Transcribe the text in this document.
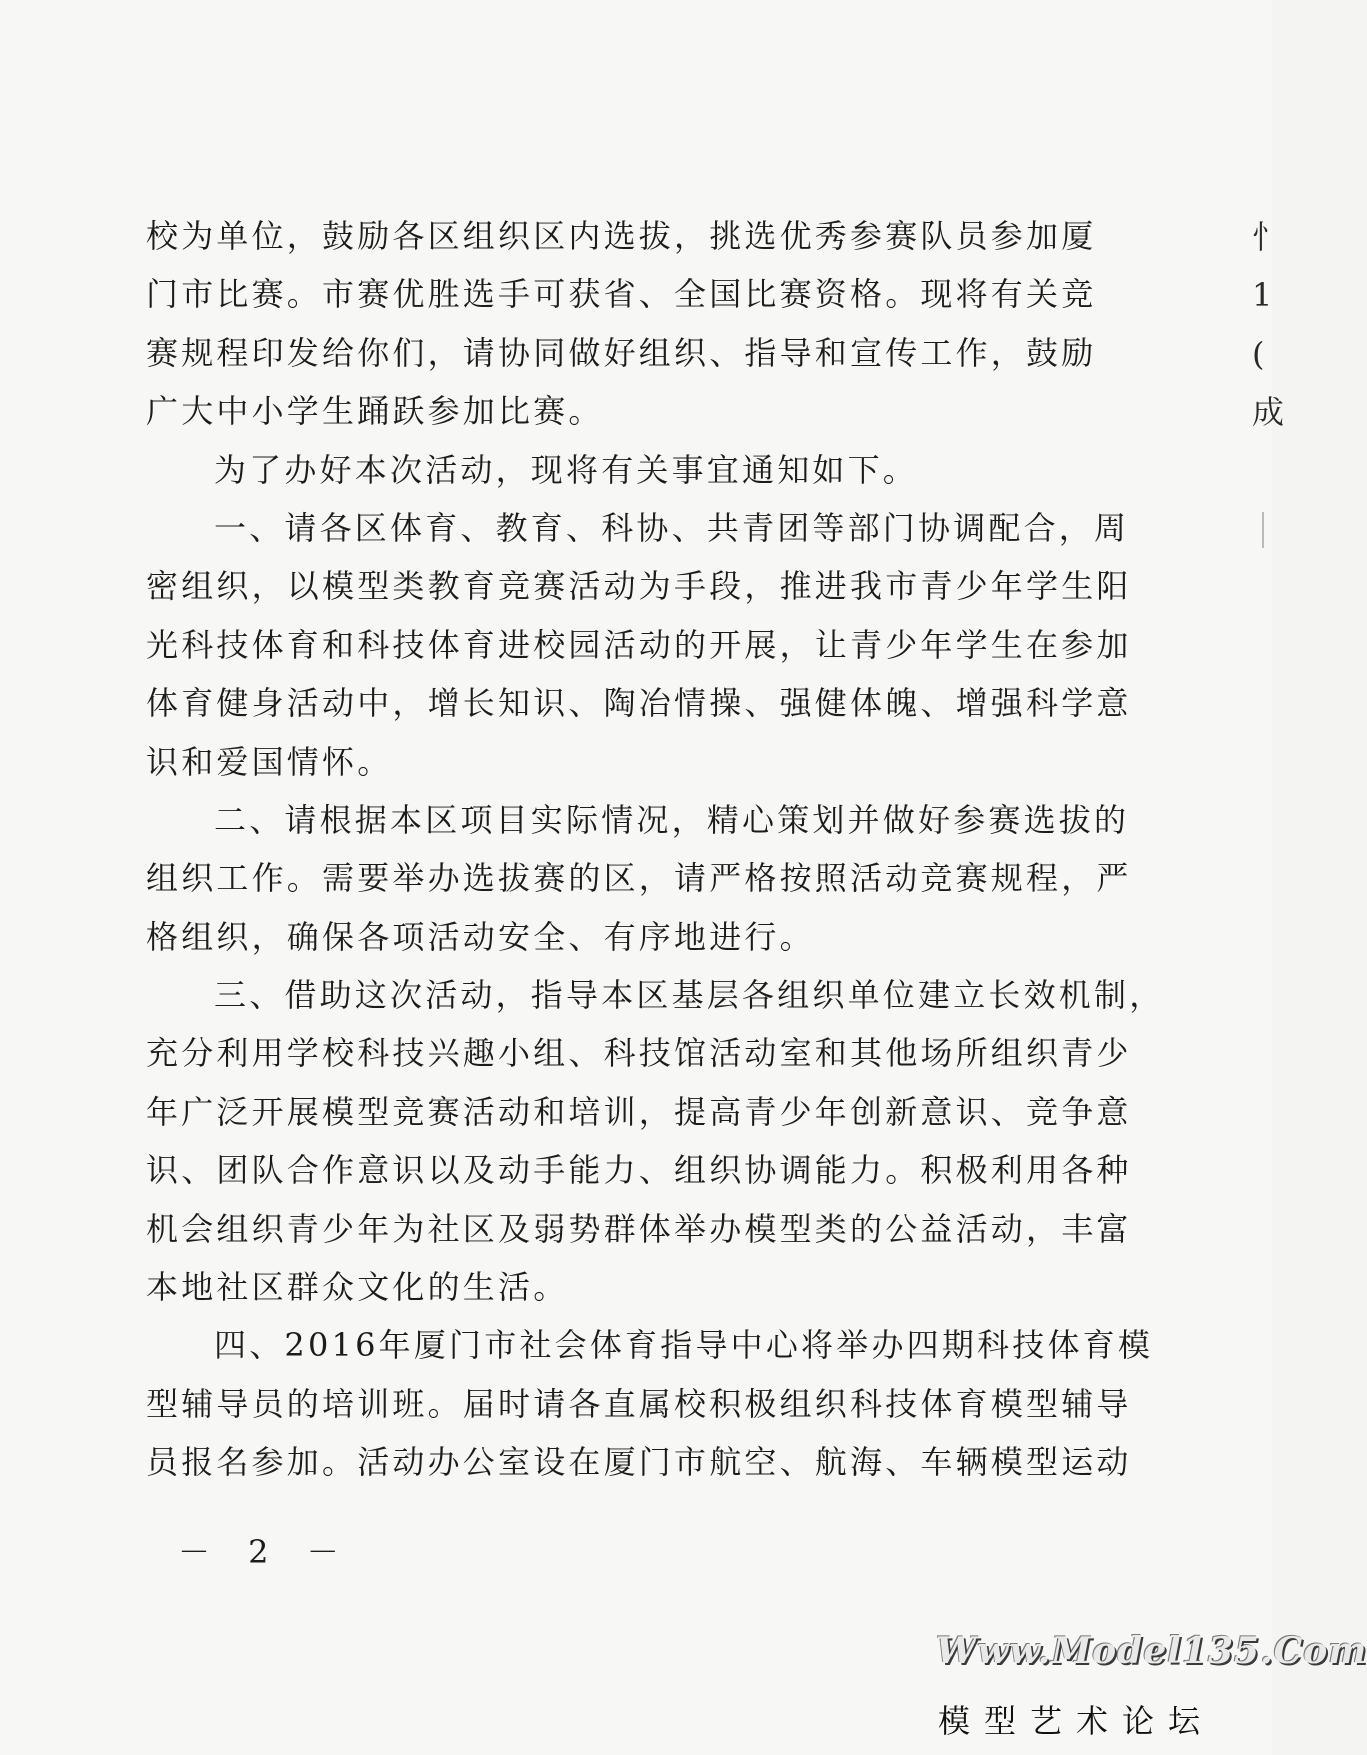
校为单位，鼓励各区组织区内选拔，挑选优秀参赛队员参加厦
门市比赛。市赛优胜选手可获省、全国比赛资格。现将有关竞
赛规程印发给你们，请协同做好组织、指导和宣传工作，鼓励
广大中小学生踊跃参加比赛。
为了办好本次活动，现将有关事宜通知如下。
一、请各区体育、教育、科协、共青团等部门协调配合，周
密组织，以模型类教育竞赛活动为手段，推进我市青少年学生阳
光科技体育和科技体育进校园活动的开展，让青少年学生在参加
体育健身活动中，增长知识、陶冶情操、强健体魄、增强科学意
识和爱国情怀。
二、请根据本区项目实际情况，精心策划并做好参赛选拔的
组织工作。需要举办选拔赛的区，请严格按照活动竞赛规程，严
格组织，确保各项活动安全、有序地进行。
三、借助这次活动，指导本区基层各组织单位建立长效机制，
充分利用学校科技兴趣小组、科技馆活动室和其他场所组织青少
年广泛开展模型竞赛活动和培训，提高青少年创新意识、竞争意
识、团队合作意识以及动手能力、组织协调能力。积极利用各种
机会组织青少年为社区及弱势群体举办模型类的公益活动，丰富
本地社区群众文化的生活。
四、2016年厦门市社会体育指导中心将举办四期科技体育模
型辅导员的培训班。届时请各直属校积极组织科技体育模型辅导
员报名参加。活动办公室设在厦门市航空、航海、车辆模型运动
－ 2 －
忄
1
(
成
Www.Model135.Com
模型艺术论坛
